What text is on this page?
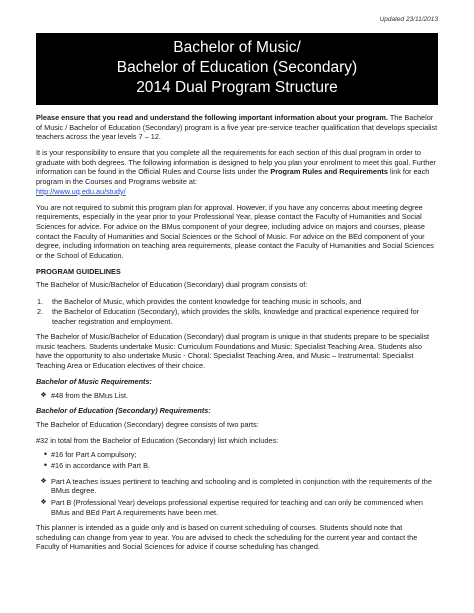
Updated 23/11/2013
Bachelor of Music/
Bachelor of Education (Secondary)
2014 Dual Program Structure

Please ensure that you read and understand the following important information about your program. The Bachelor of Music / Bachelor of Education (Secondary) program is a five year pre-service teacher qualification that develops specialist teachers across the year levels 7 – 12.

It is your responsibility to ensure that you complete all the requirements for each section of this dual program in order to graduate with both degrees. The following information is designed to help you plan your enrolment to meet this goal. Further information can be found in the Official Rules and Course lists under the Program Rules and Requirements link for each program in the Courses and Programs website at:
http://www.uq.edu.au/study/

You are not required to submit this program plan for approval. However, if you have any concerns about meeting degree requirements, especially in the year prior to your Professional Year, please contact the Faculty of Humanities and Social Sciences for advice. For advice on the BMus component of your degree, including advice on majors and courses, please contact the Faculty of Humanities and Social Sciences or the School of Music. For advice on the BEd component of your degree, including information on teaching area requirements, please contact the Faculty of Humanities and Social Sciences or the School of Education.

PROGRAM GUIDELINES

The Bachelor of Music/Bachelor of Education (Secondary) dual program consists of:

1.	the Bachelor of Music, which provides the content knowledge for teaching music in schools, and
2.	the Bachelor of Education (Secondary), which provides the skills, knowledge and practical experience required for teacher registration and employment.

The Bachelor of Music/Bachelor of Education (Secondary) dual program is unique in that students prepare to be specialist music teachers. Students undertake Music: Curriculum Foundations and Music: Specialist Teaching Area. Students also have the opportunity to also undertake Music - Choral: Specialist Teaching Area, and Music – Instrumental: Specialist Teaching Area or Education electives of their choice.

Bachelor of Music Requirements:
❖ #48 from the BMus List.
Bachelor of Education (Secondary) Requirements:

The Bachelor of Education (Secondary) degree consists of two parts:

#32 in total from the Bachelor of Education (Secondary) list which includes:
• #16 for Part A compulsory;
• #16 in accordance with Part B.
❖ Part A teaches issues pertinent to teaching and schooling and is completed in conjunction with the requirements of the BMus degree.
❖ Part B (Professional Year) develops professional expertise required for teaching and can only be commenced when BMus and BEd Part A requirements have been met.

This planner is intended as a guide only and is based on current scheduling of courses. Students should note that scheduling can change from year to year. You are advised to check the scheduling for the current year and contact the Faculty of Humanities and Social Sciences for advice if course scheduling has changed.
